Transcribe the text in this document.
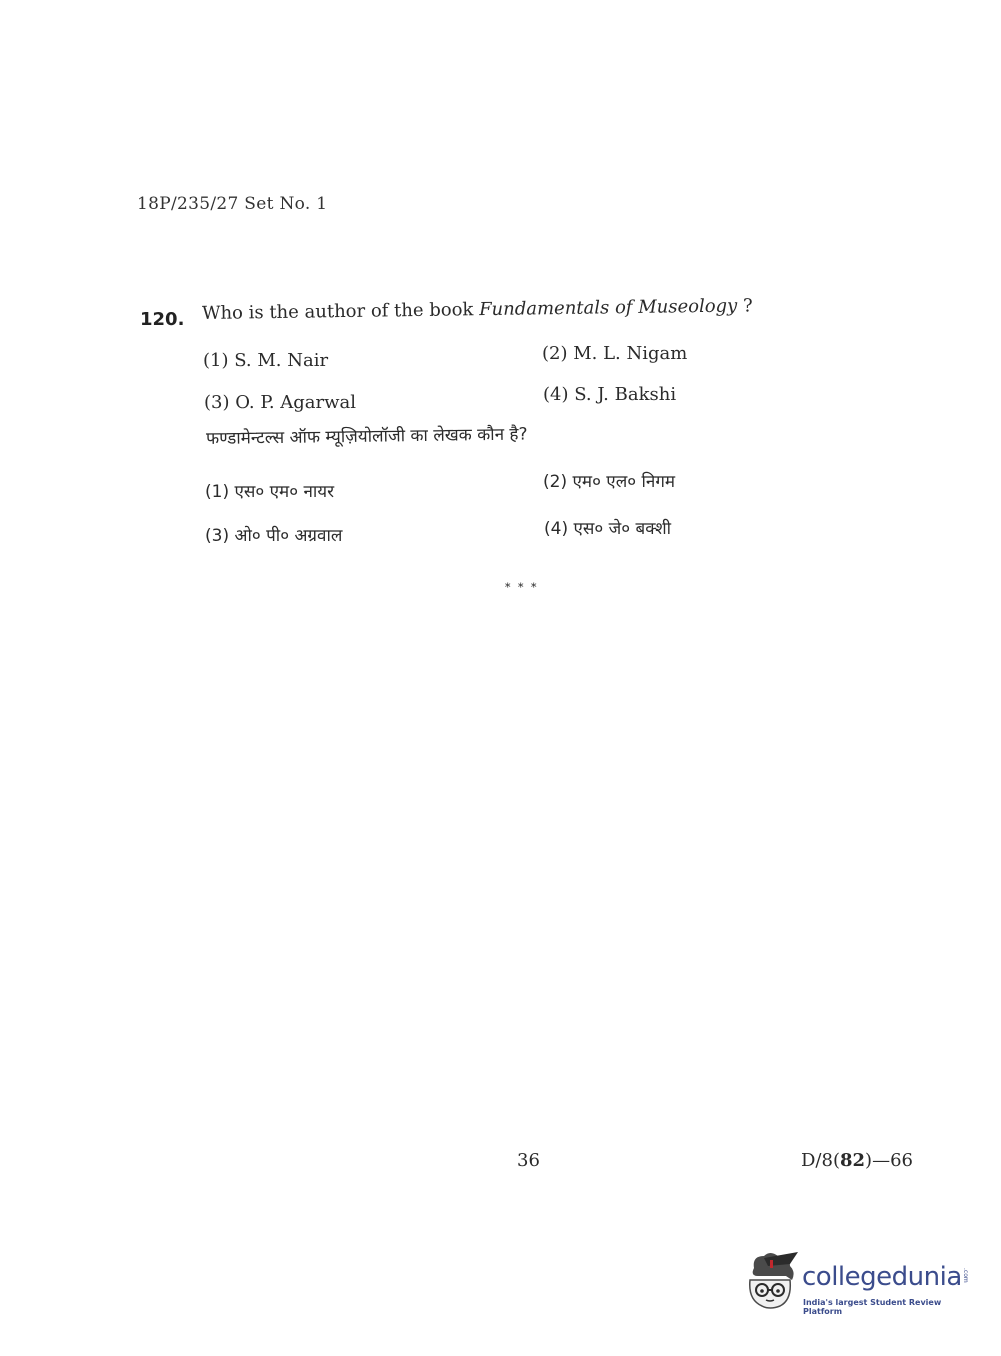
18P/235/27 Set No. 1
120. Who is the author of the book Fundamentals of Museology ?
(1) S. M. Nair	(2) M. L. Nigam
(3) O. P. Agarwal	(4) S. J. Bakshi
फण्डामेन्टल्स ऑफ म्यूज़ियोलॉजी का लेखक कौन है?
(1) एस० एम० नायर	(2) एम० एल० निगम
(3) ओ० पी० अग्रवाल	(4) एस० जे० बक्शी
* * *
36	D/8(82)—66
collegedunia .com
India's largest Student Review Platform
